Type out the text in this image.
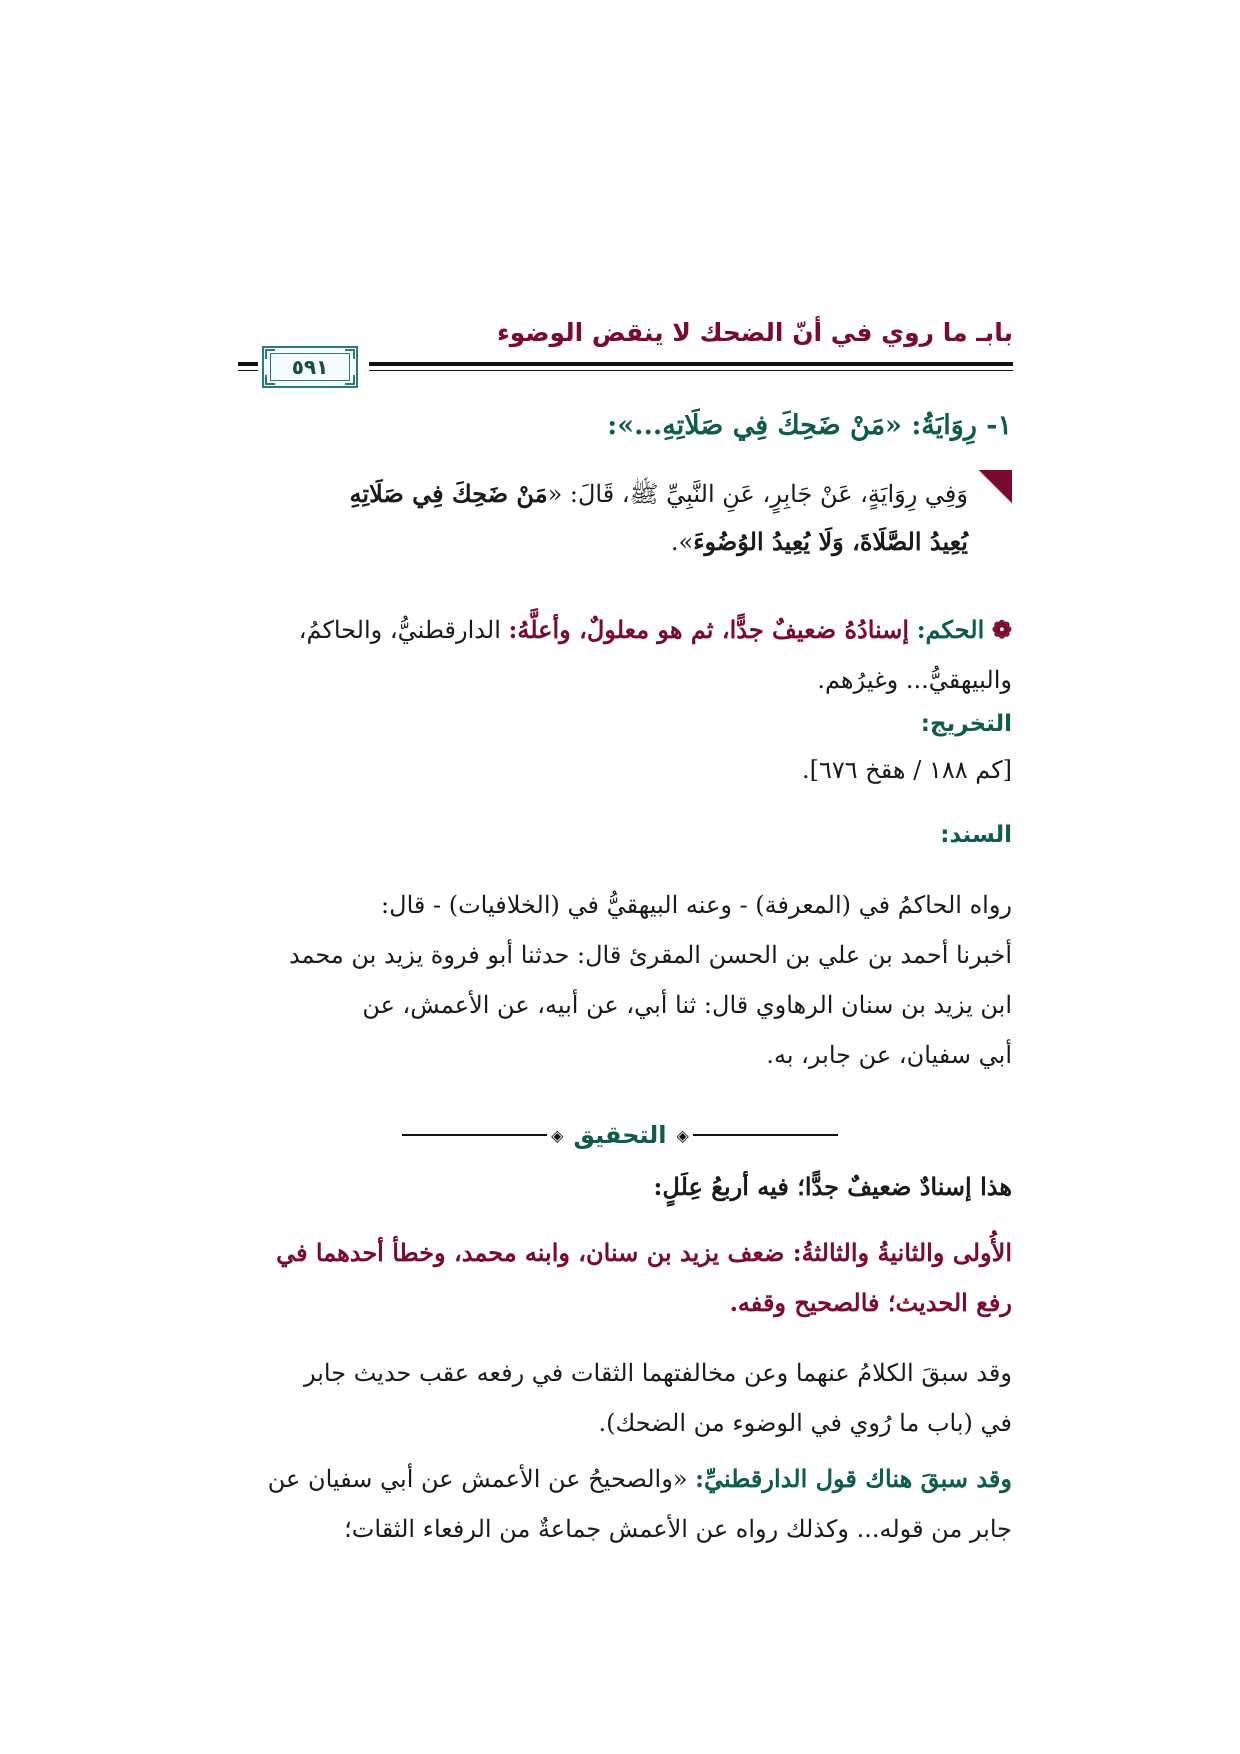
بابـ ما روي في أنّ الضحك لا ينقض الوضوء
٥٩١
١- رِوَايَةُ: «مَنْ ضَحِكَ فِي صَلَاتِهِ...»:
وَفِي رِوَايَةٍ، عَنْ جَابِرٍ، عَنِ النَّبِيِّ ﷺ، قَالَ: «مَنْ ضَحِكَ فِي صَلَاتِهِ
يُعِيدُ الصَّلَاةَ، وَلَا يُعِيدُ الوُضُوءَ».
❁ الحكم: إسنادُهُ ضعيفٌ جدًّا، ثم هو معلولٌ، وأعلَّهُ: الدارقطنيُّ، والحاكمُ،
والبيهقيُّ... وغيرُهم.
التخريج:
[كم ١٨٨ / هقخ ٦٧٦].
السند:
رواه الحاكمُ في (المعرفة) - وعنه البيهقيُّ في (الخلافيات) - قال:
أخبرنا أحمد بن علي بن الحسن المقرئ قال: حدثنا أبو فروة يزيد بن محمد
ابن يزيد بن سنان الرهاوي قال: ثنا أبي، عن أبيه، عن الأعمش، عن
أبي سفيان، عن جابر، به.
◈ التحقيق ◈
هذا إسنادٌ ضعيفٌ جدًّا؛ فيه أربعُ عِلَلٍ:
الأُولى والثانيةُ والثالثةُ: ضعف يزيد بن سنان، وابنه محمد، وخطأ أحدهما في
رفع الحديث؛ فالصحيح وقفه.
وقد سبقَ الكلامُ عنهما وعن مخالفتهما الثقات في رفعه عقب حديث جابر
في (باب ما رُوي في الوضوء من الضحك).
وقد سبقَ هناك قول الدارقطنيِّ: «والصحيحُ عن الأعمش عن أبي سفيان عن
جابر من قوله... وكذلك رواه عن الأعمش جماعةٌ من الرفعاء الثقات؛
